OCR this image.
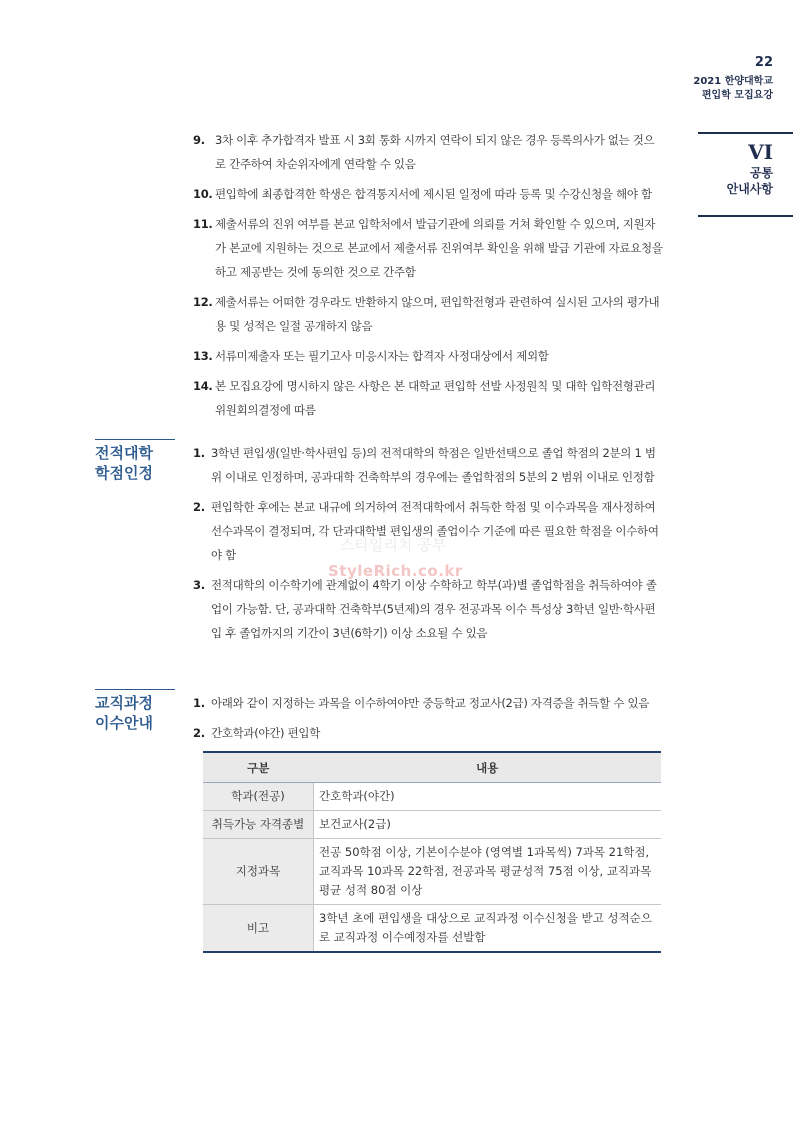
22
2021 한양대학교
편입학 모집요강
VI
공통
안내사항
9. 3차 이후 추가합격자 발표 시 3회 통화 시까지 연락이 되지 않은 경우 등록의사가 없는 것으로 간주하여 차순위자에게 연락할 수 있음
10. 편입학에 최종합격한 학생은 합격통지서에 제시된 일정에 따라 등록 및 수강신청을 해야 함
11. 제출서류의 진위 여부를 본교 입학처에서 발급기관에 의뢰를 거쳐 확인할 수 있으며, 지원자가 본교에 지원하는 것으로 본교에서 제출서류 진위여부 확인을 위해 발급 기관에 자료요청을 하고 제공받는 것에 동의한 것으로 간주함
12. 제출서류는 어떠한 경우라도 반환하지 않으며, 편입학전형과 관련하여 실시된 고사의 평가내용 및 성적은 일절 공개하지 않음
13. 서류미제출자 또는 필기고사 미응시자는 합격자 사정대상에서 제외함
14. 본 모집요강에 명시하지 않은 사항은 본 대학교 편입학 선발 사정원칙 및 대학 입학전형관리위원회의결정에 따름
전적대학
학점인정
1. 3학년 편입생(일반·학사편입 등)의 전적대학의 학점은 일반선택으로 졸업 학점의 2분의 1 범위 이내로 인정하며, 공과대학 건축학부의 경우에는 졸업학점의 5분의 2 범위 이내로 인정함
2. 편입학한 후에는 본교 내규에 의거하여 전적대학에서 취득한 학점 및 이수과목을 재사정하여 선수과목이 결정되며, 각 단과대학별 편입생의 졸업이수 기준에 따른 필요한 학점을 이수하여야 함
3. 전적대학의 이수학기에 관계없이 4학기 이상 수학하고 학부(과)별 졸업학점을 취득하여야 졸업이 가능함. 단, 공과대학 건축학부(5년제)의 경우 전공과목 이수 특성상 3학년 일반·학사편입 후 졸업까지의 기간이 3년(6학기) 이상 소요될 수 있음
스타일리치 공부
StyleRich.co.kr
교직과정
이수안내
1. 아래와 같이 지정하는 과목을 이수하여야만 중등학교 정교사(2급) 자격증을 취득할 수 있음
2. 간호학과(야간) 편입학
구분	내용
학과(전공)	간호학과(야간)
취득가능 자격종별	보건교사(2급)
지정과목	전공 50학점 이상, 기본이수분야 (영역별 1과목씩) 7과목 21학점, 교직과목 10과목 22학점, 전공과목 평균성적 75점 이상, 교직과목 평균 성적 80점 이상
비고	3학년 초에 편입생을 대상으로 교직과정 이수신청을 받고 성적순으로 교직과정 이수예정자를 선발함
